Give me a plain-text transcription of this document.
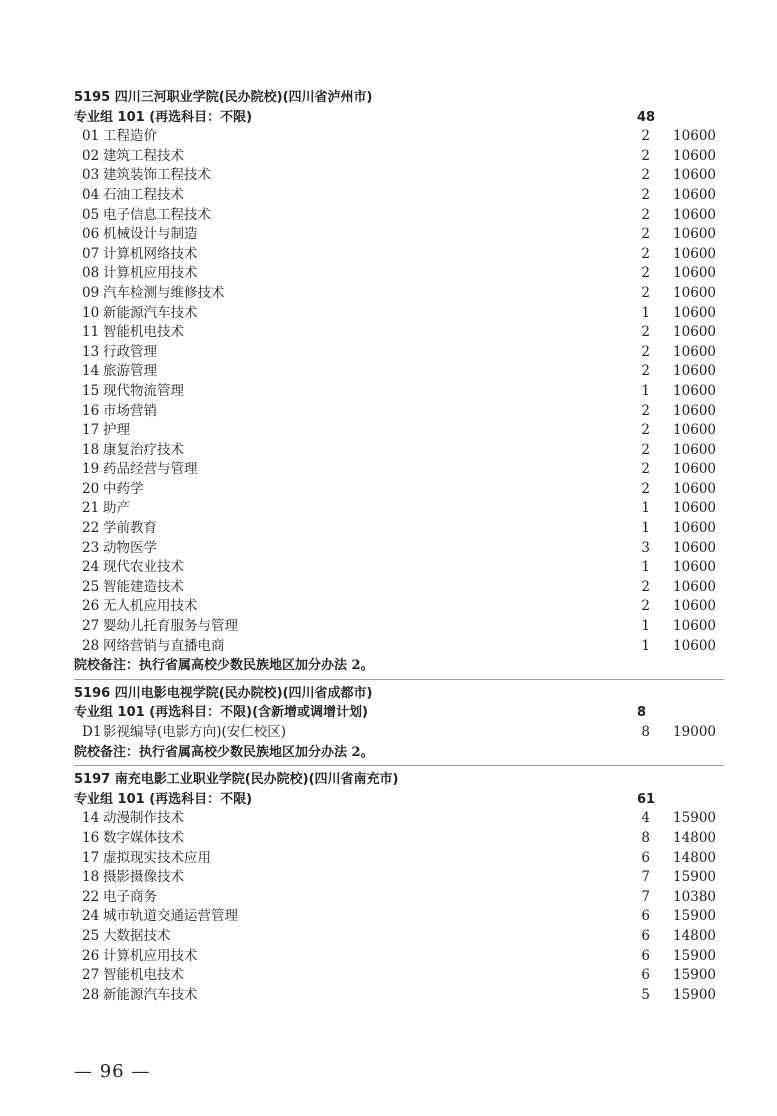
5195 四川三河职业学院(民办院校)(四川省泸州市)
专业组 101 (再选科目：不限)	48
01 工程造价	2	10600
02 建筑工程技术	2	10600
03 建筑装饰工程技术	2	10600
04 石油工程技术	2	10600
05 电子信息工程技术	2	10600
06 机械设计与制造	2	10600
07 计算机网络技术	2	10600
08 计算机应用技术	2	10600
09 汽车检测与维修技术	2	10600
10 新能源汽车技术	1	10600
11 智能机电技术	2	10600
13 行政管理	2	10600
14 旅游管理	2	10600
15 现代物流管理	1	10600
16 市场营销	2	10600
17 护理	2	10600
18 康复治疗技术	2	10600
19 药品经营与管理	2	10600
20 中药学	2	10600
21 助产	1	10600
22 学前教育	1	10600
23 动物医学	3	10600
24 现代农业技术	1	10600
25 智能建造技术	2	10600
26 无人机应用技术	2	10600
27 婴幼儿托育服务与管理	1	10600
28 网络营销与直播电商	1	10600
院校备注：执行省属高校少数民族地区加分办法 2。
5196 四川电影电视学院(民办院校)(四川省成都市)
专业组 101 (再选科目：不限)(含新增或调增计划)	8
D1 影视编导(电影方向)(安仁校区)	8	19000
院校备注：执行省属高校少数民族地区加分办法 2。
5197 南充电影工业职业学院(民办院校)(四川省南充市)
专业组 101 (再选科目：不限)	61
14 动漫制作技术	4	15900
16 数字媒体技术	8	14800
17 虚拟现实技术应用	6	14800
18 摄影摄像技术	7	15900
22 电子商务	7	10380
24 城市轨道交通运营管理	6	15900
25 大数据技术	6	14800
26 计算机应用技术	6	15900
27 智能机电技术	6	15900
28 新能源汽车技术	5	15900
— 96 —
